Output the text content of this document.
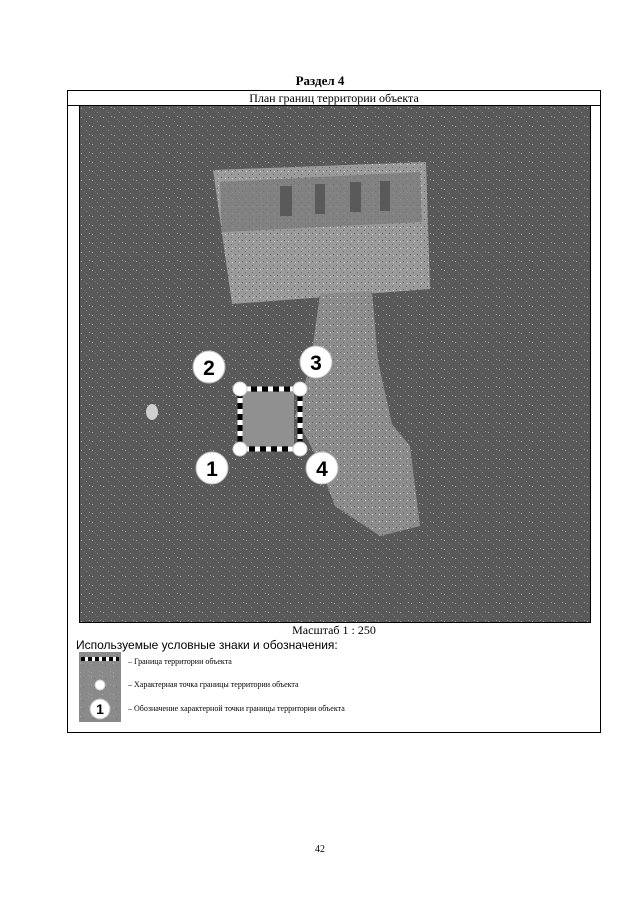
Раздел 4
План границ территории объекта
1
2	3
4
Масштаб 1 : 250
Используемые условные знаки и обозначения:
– Граница территории объекта
– Характерная точка границы территории объекта
1	– Обозначение характерной точки границы территории объекта
42
